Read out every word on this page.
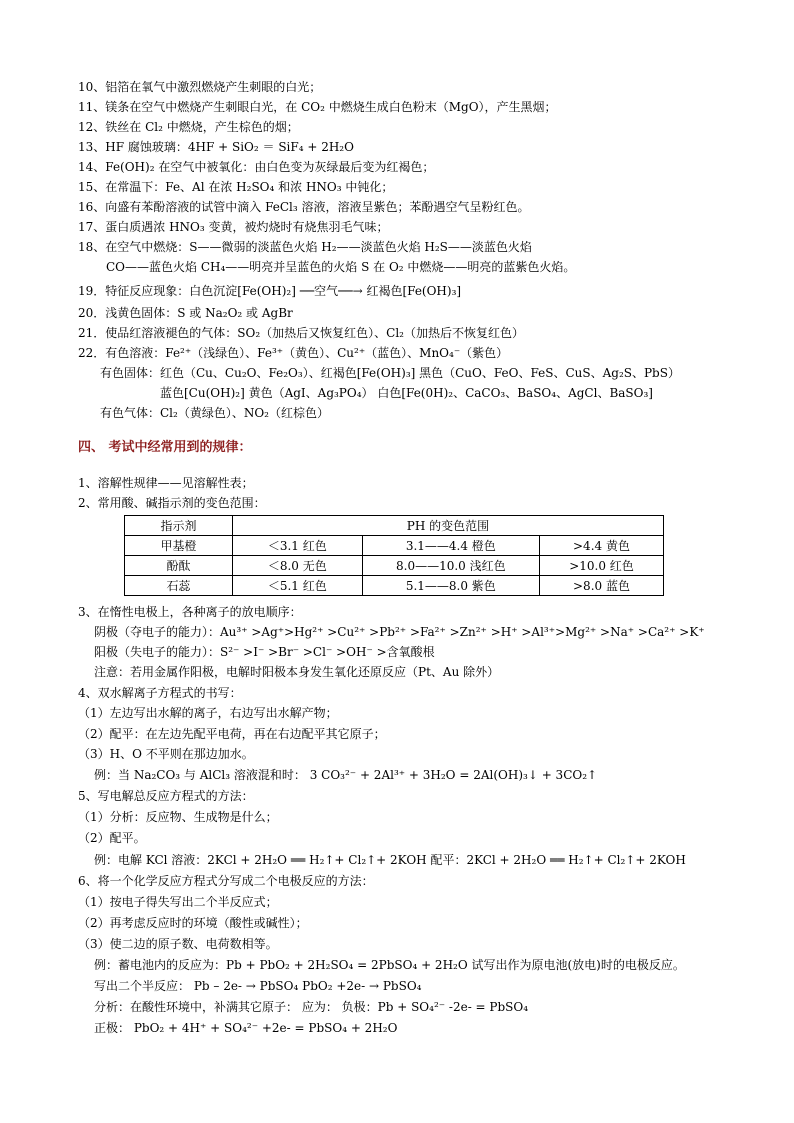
10、铝箔在氧气中激烈燃烧产生刺眼的白光；
11、镁条在空气中燃烧产生刺眼白光，在 CO₂ 中燃烧生成白色粉末（MgO），产生黑烟；
12、铁丝在 Cl₂ 中燃烧，产生棕色的烟；
13、HF 腐蚀玻璃：4HF + SiO₂ ＝ SiF₄ + 2H₂O
14、Fe(OH)₂ 在空气中被氧化：由白色变为灰绿最后变为红褐色；
15、在常温下：Fe、Al 在浓 H₂SO₄ 和浓 HNO₃ 中钝化；
16、向盛有苯酚溶液的试管中滴入 FeCl₃ 溶液，溶液呈紫色；苯酚遇空气呈粉红色。
17、蛋白质遇浓 HNO₃ 变黄，被灼烧时有烧焦羽毛气味；
18、在空气中燃烧：S——微弱的淡蓝色火焰 H₂——淡蓝色火焰 H₂S——淡蓝色火焰
CO——蓝色火焰 CH₄——明亮并呈蓝色的火焰 S 在 O₂ 中燃烧——明亮的蓝紫色火焰。
19．特征反应现象：白色沉淀[Fe(OH)₂] ──空气──→ 红褐色[Fe(OH)₃]
20．浅黄色固体：S 或 Na₂O₂ 或 AgBr
21．使品红溶液褪色的气体：SO₂（加热后又恢复红色）、Cl₂（加热后不恢复红色）
22．有色溶液：Fe²⁺（浅绿色）、Fe³⁺（黄色）、Cu²⁺（蓝色）、MnO₄⁻（紫色）
有色固体：红色（Cu、Cu₂O、Fe₂O₃）、红褐色[Fe(OH)₃] 黑色（CuO、FeO、FeS、CuS、Ag₂S、PbS）
蓝色[Cu(OH)₂] 黄色（AgI、Ag₃PO₄） 白色[Fe(0H)₂、CaCO₃、BaSO₄、AgCl、BaSO₃]
有色气体：Cl₂（黄绿色）、NO₂（红棕色）
四、 考试中经常用到的规律：
1、溶解性规律——见溶解性表；
2、常用酸、碱指示剂的变色范围：
指示剂	PH 的变色范围		
甲基橙	＜3.1 红色	3.1——4.4 橙色	>4.4 黄色
酚酞	＜8.0 无色	8.0——10.0 浅红色	>10.0 红色
石蕊	＜5.1 红色	5.1——8.0 紫色	>8.0 蓝色
3、在惰性电极上，各种离子的放电顺序：
阴极（夺电子的能力）：Au³⁺ >Ag⁺>Hg²⁺ >Cu²⁺ >Pb²⁺ >Fa²⁺ >Zn²⁺ >H⁺ >Al³⁺>Mg²⁺ >Na⁺ >Ca²⁺ >K⁺
阳极（失电子的能力）：S²⁻ >I⁻ >Br⁻ >Cl⁻ >OH⁻ >含氧酸根
注意：若用金属作阳极，电解时阳极本身发生氧化还原反应（Pt、Au 除外）
4、双水解离子方程式的书写：
（1）左边写出水解的离子，右边写出水解产物；
（2）配平：在左边先配平电荷，再在右边配平其它原子；
（3）H、O 不平则在那边加水。
例：当 Na₂CO₃ 与 AlCl₃ 溶液混和时： 3 CO₃²⁻ + 2Al³⁺ + 3H₂O = 2Al(OH)₃↓ + 3CO₂↑
5、写电解总反应方程式的方法：
（1）分析：反应物、生成物是什么；
（2）配平。
例：电解 KCl 溶液：2KCl + 2H₂O ══ H₂↑+ Cl₂↑+ 2KOH 配平：2KCl + 2H₂O ══ H₂↑+ Cl₂↑+ 2KOH
6、将一个化学反应方程式分写成二个电极反应的方法：
（1）按电子得失写出二个半反应式；
（2）再考虑反应时的环境（酸性或碱性）；
（3）使二边的原子数、电荷数相等。
例：蓄电池内的反应为：Pb + PbO₂ + 2H₂SO₄ = 2PbSO₄ + 2H₂O 试写出作为原电池(放电)时的电极反应。
写出二个半反应： Pb – 2e- → PbSO₄ PbO₂ +2e- → PbSO₄
分析：在酸性环境中，补满其它原子： 应为： 负极：Pb + SO₄²⁻ -2e- = PbSO₄
正极： PbO₂ + 4H⁺ + SO₄²⁻ +2e- = PbSO₄ + 2H₂O
